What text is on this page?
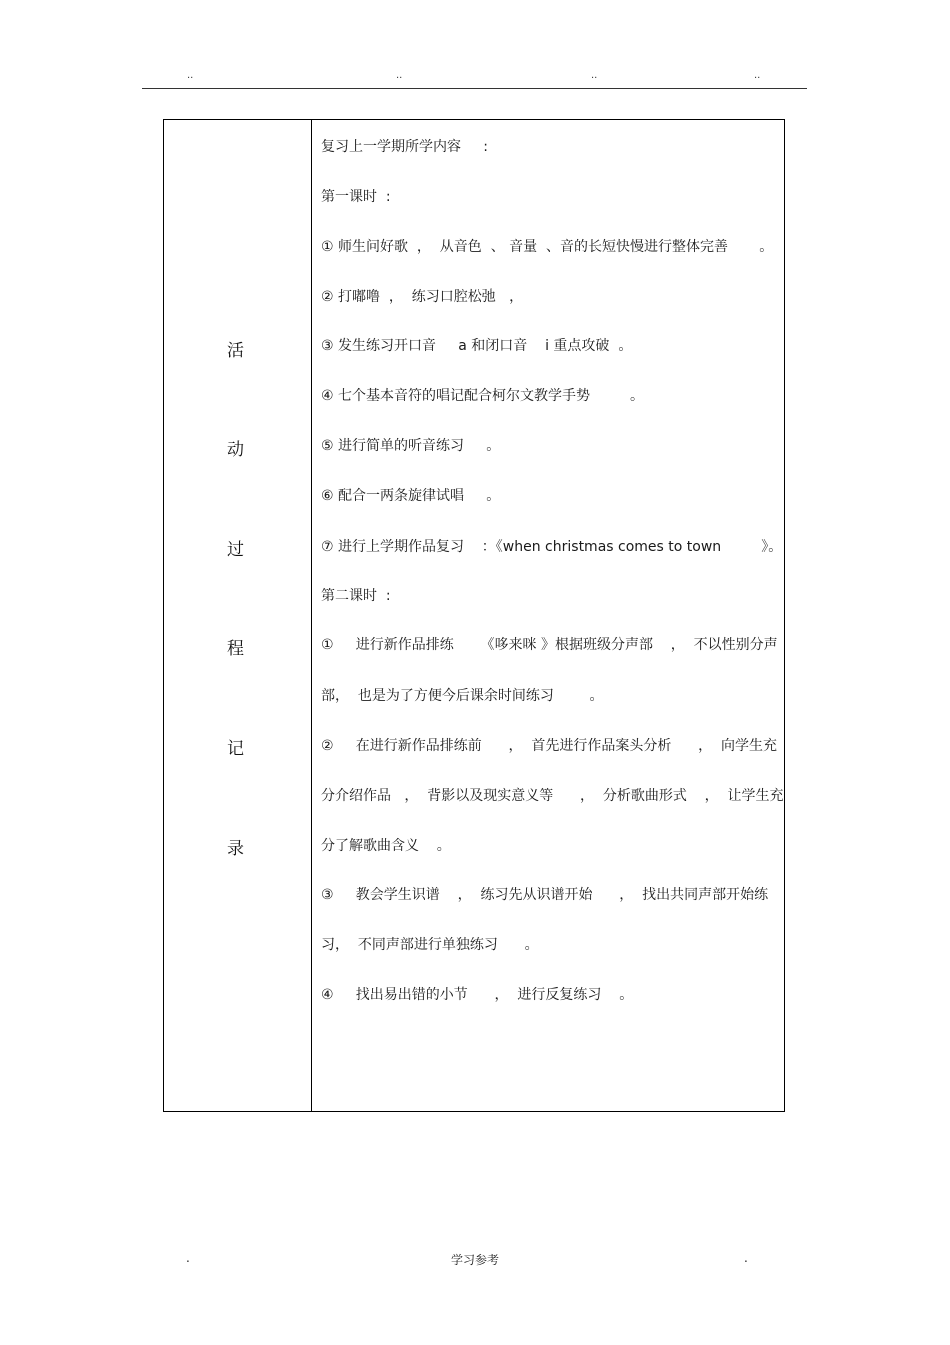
..	..	..	..
活
动
过
程
记
录
复习上一学期所学内容     :
第一课时  :
① 师生问好歌  ，  从音色  、 音量  、音的长短快慢进行整体完善       。
② 打嘟噜  ，  练习口腔松弛   ，
③ 发生练习开口音     a 和闭口音    i 重点攻破  。
④ 七个基本音符的唱记配合柯尔文教学手势         。
⑤ 进行简单的听音练习     。
⑥ 配合一两条旋律试唱     。
⑦ 进行上学期作品复习    ：《when christmas comes to town         》。
第二课时  :
①     进行新作品排练      《哆来咪 》根据班级分声部    ，  不以性别分声
部，  也是为了方便今后课余时间练习        。
②     在进行新作品排练前      ，  首先进行作品案头分析      ，  向学生充
分介绍作品   ，  背影以及现实意义等      ，  分析歌曲形式    ，  让学生充
分了解歌曲含义    。
③     教会学生识谱    ，  练习先从识谱开始      ，  找出共同声部开始练
习，  不同声部进行单独练习      。
④     找出易出错的小节      ，  进行反复练习    。
.	学习参考	.
